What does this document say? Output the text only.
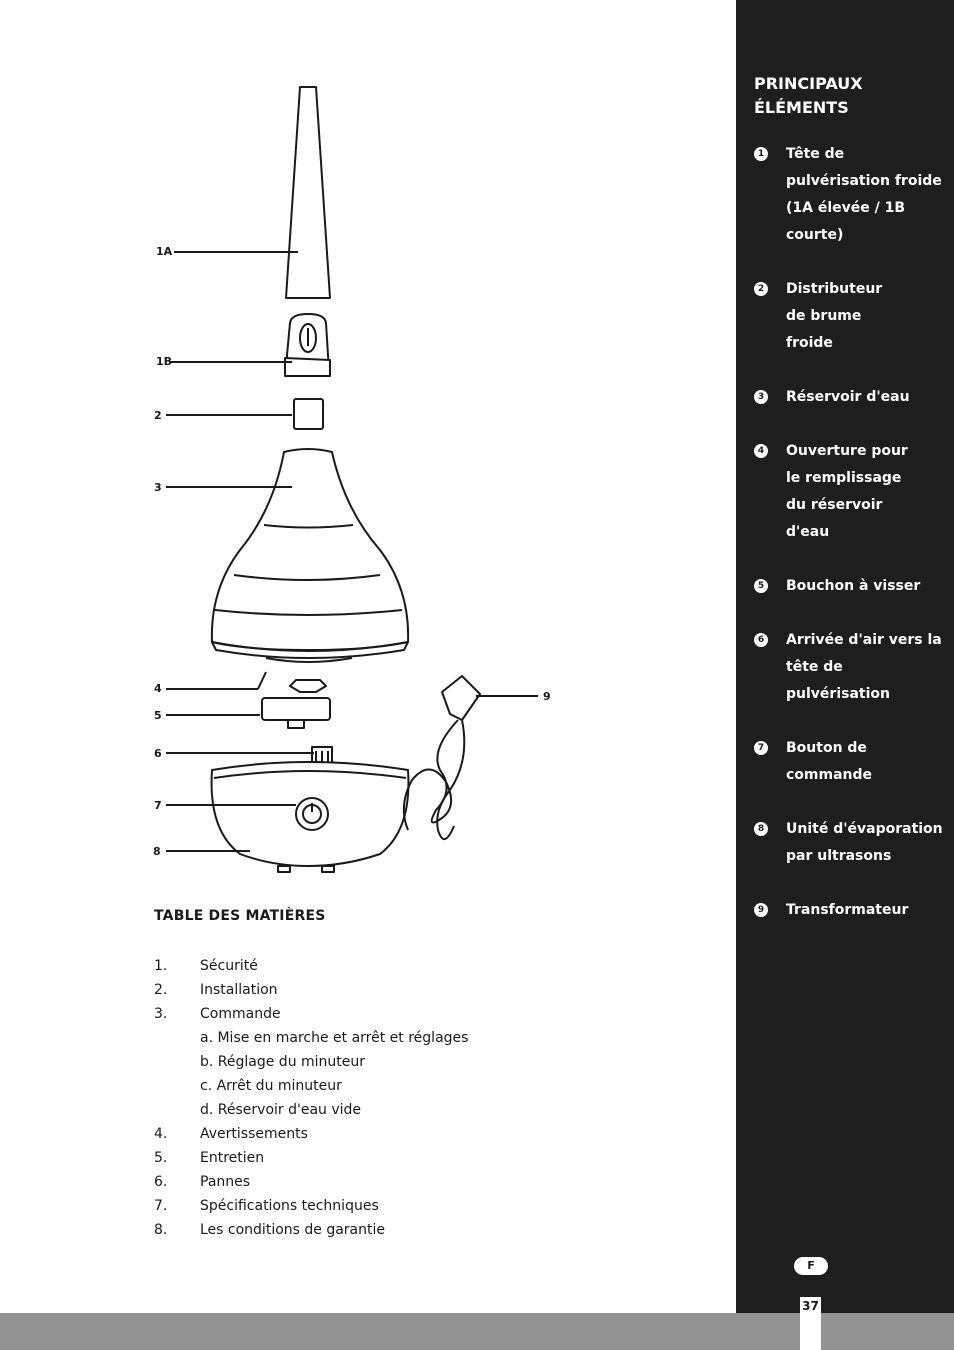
1A
1B
2
3
4
5
6
7
8
9
TABLE DES MATIÈRES
1.	Sécurité
2.	Installation
3.	Commande
a. Mise en marche et arrêt et réglages
b. Réglage du minuteur
c. Arrêt du minuteur
d. Réservoir d'eau vide
4.	Avertissements
5.	Entretien
6.	Pannes
7.	Spécifications techniques
8.	Les conditions de garantie
PRINCIPAUX ÉLÉMENTS
1 Tête de pulvérisation froide (1A élevée / 1B courte)
2 Distributeur de brume froide
3 Réservoir d'eau
4 Ouverture pour le remplissage du réservoir d'eau
5 Bouchon à visser
6 Arrivée d'air vers la tête de pulvérisation
7 Bouton de commande
8 Unité d'évaporation par ultrasons
9 Transformateur
F
37
